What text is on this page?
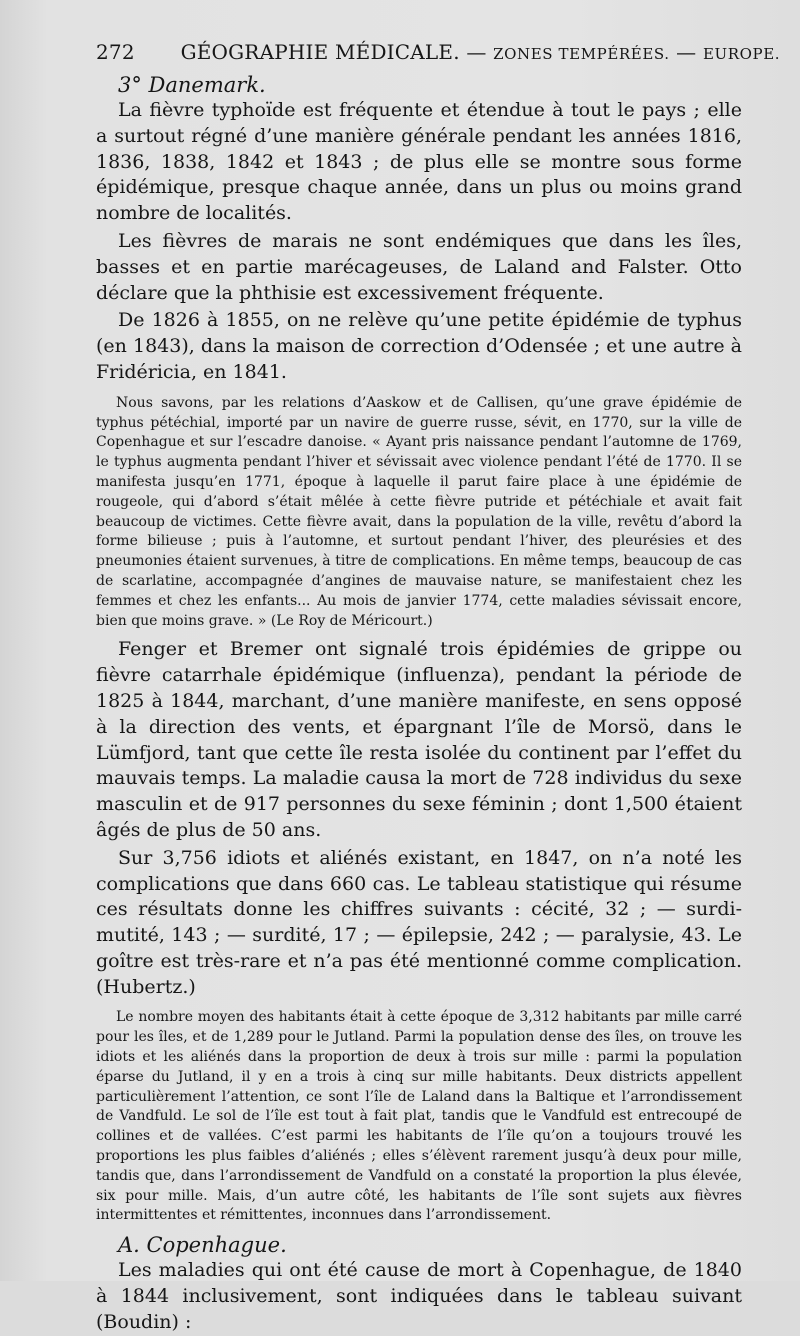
272 GÉOGRAPHIE MÉDICALE. — ZONES TEMPÉRÉES. — EUROPE.
3° Danemark.

La fièvre typhoïde est fréquente et étendue à tout le pays ; elle a surtout régné d’une manière générale pendant les années 1816, 1836, 1838, 1842 et 1843 ; de plus elle se montre sous forme épidémique, presque chaque année, dans un plus ou moins grand nombre de localités.

Les fièvres de marais ne sont endémiques que dans les îles, basses et en partie marécageuses, de Laland and Falster. Otto déclare que la phthisie est excessivement fréquente.

De 1826 à 1855, on ne relève qu’une petite épidémie de typhus (en 1843), dans la maison de correction d’Odensée ; et une autre à Fridéricia, en 1841.

Nous savons, par les relations d’Aaskow et de Callisen, qu’une grave épidémie de typhus pétéchial, importé par un navire de guerre russe, sévit, en 1770, sur la ville de Copenhague et sur l’escadre danoise. « Ayant pris naissance pendant l’automne de 1769, le typhus augmenta pendant l’hiver et sévissait avec violence pendant l’été de 1770. Il se manifesta jusqu’en 1771, époque à laquelle il parut faire place à une épidémie de rougeole, qui d’abord s’était mêlée à cette fièvre putride et pétéchiale et avait fait beaucoup de victimes. Cette fièvre avait, dans la population de la ville, revêtu d’abord la forme bilieuse ; puis à l’automne, et surtout pendant l’hiver, des pleurésies et des pneumonies étaient survenues, à titre de complications. En même temps, beaucoup de cas de scarlatine, accompagnée d’angines de mauvaise nature, se manifestaient chez les femmes et chez les enfants... Au mois de janvier 1774, cette maladies sévissait encore, bien que moins grave. » (Le Roy de Méricourt.)

Fenger et Bremer ont signalé trois épidémies de grippe ou fièvre catarrhale épidémique (influenza), pendant la période de 1825 à 1844, marchant, d’une manière manifeste, en sens opposé à la direction des vents, et épargnant l’île de Morsö, dans le Lümfjord, tant que cette île resta isolée du continent par l’effet du mauvais temps. La maladie causa la mort de 728 individus du sexe masculin et de 917 personnes du sexe féminin ; dont 1,500 étaient âgés de plus de 50 ans.

Sur 3,756 idiots et aliénés existant, en 1847, on n’a noté les complications que dans 660 cas. Le tableau statistique qui résume ces résultats donne les chiffres suivants : cécité, 32 ; — surdi-mutité, 143 ; — surdité, 17 ; — épilepsie, 242 ; — paralysie, 43. Le goître est très-rare et n’a pas été mentionné comme complication. (Hubertz.)

Le nombre moyen des habitants était à cette époque de 3,312 habitants par mille carré pour les îles, et de 1,289 pour le Jutland. Parmi la population dense des îles, on trouve les idiots et les aliénés dans la proportion de deux à trois sur mille : parmi la population éparse du Jutland, il y en a trois à cinq sur mille habitants. Deux districts appellent particulièrement l’attention, ce sont l’île de Laland dans la Baltique et l’arrondissement de Vandfuld. Le sol de l’île est tout à fait plat, tandis que le Vandfuld est entrecoupé de collines et de vallées. C’est parmi les habitants de l’île qu’on a toujours trouvé les proportions les plus faibles d’aliénés ; elles s’élèvent rarement jusqu’à deux pour mille, tandis que, dans l’arrondissement de Vandfuld on a constaté la proportion la plus élevée, six pour mille. Mais, d’un autre côté, les habitants de l’île sont sujets aux fièvres intermittentes et rémittentes, inconnues dans l’arrondissement.

A. Copenhague.

Les maladies qui ont été cause de mort à Copenhague, de 1840 à 1844 inclusivement, sont indiquées dans le tableau suivant (Boudin) :
